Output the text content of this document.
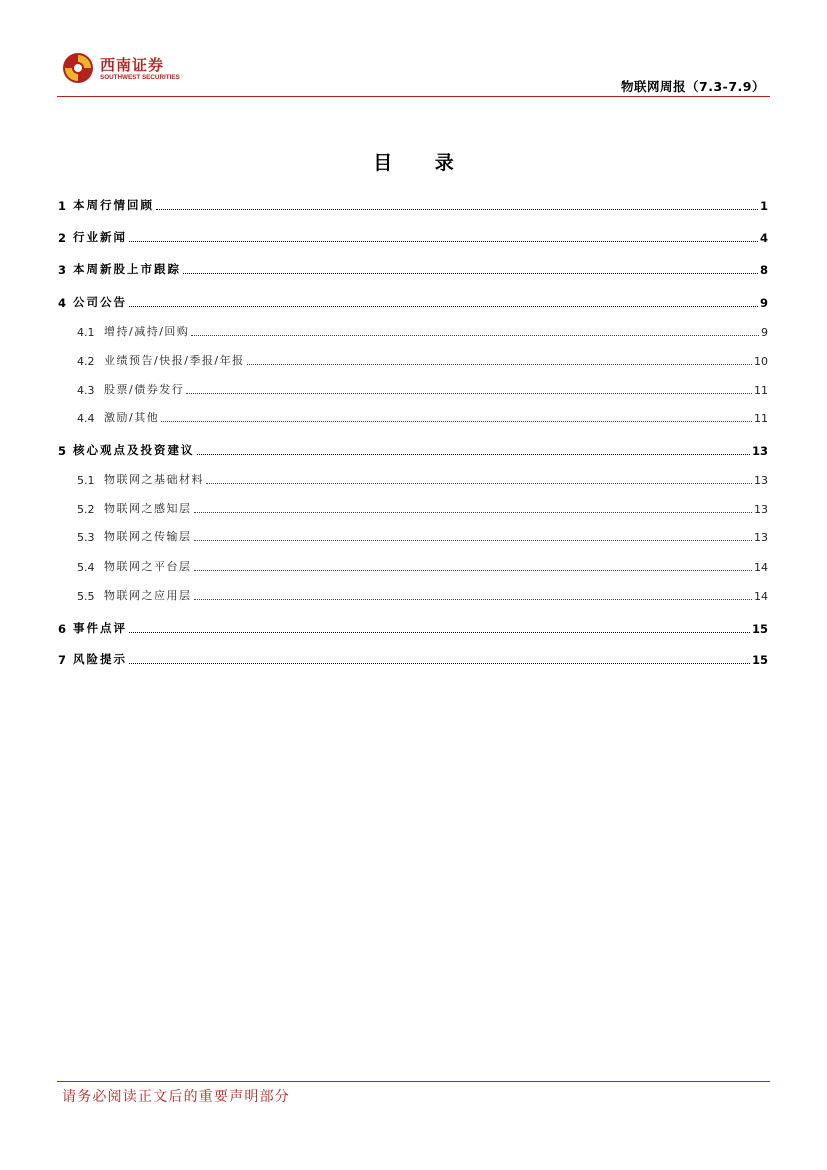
西南证券
SOUTHWEST SECURITIES
物联网周报（7.3-7.9）
目 录
1 本周行情回顾	1
2 行业新闻	4
3 本周新股上市跟踪	8
4 公司公告	9
4.1 增持/减持/回购	9
4.2 业绩预告/快报/季报/年报	10
4.3 股票/债券发行	11
4.4 激励/其他	11
5 核心观点及投资建议	13
5.1 物联网之基础材料	13
5.2 物联网之感知层	13
5.3 物联网之传输层	13
5.4 物联网之平台层	14
5.5 物联网之应用层	14
6 事件点评	15
7 风险提示	15
请务必阅读正文后的重要声明部分
